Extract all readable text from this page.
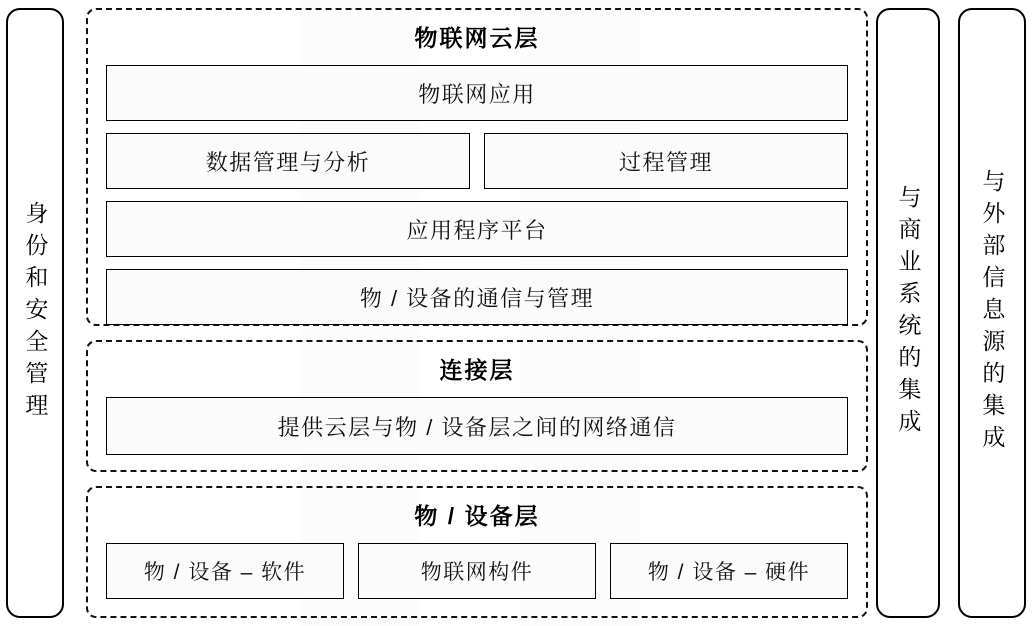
身份和安全管理
物联网云层
物联网应用
数据管理与分析	过程管理
应用程序平台
物 / 设备的通信与管理
连接层
提供云层与物 / 设备层之间的网络通信
物 / 设备层
物 / 设备 – 软件	物联网构件	物 / 设备 – 硬件
与商业系统的集成	与外部信息源的集成
